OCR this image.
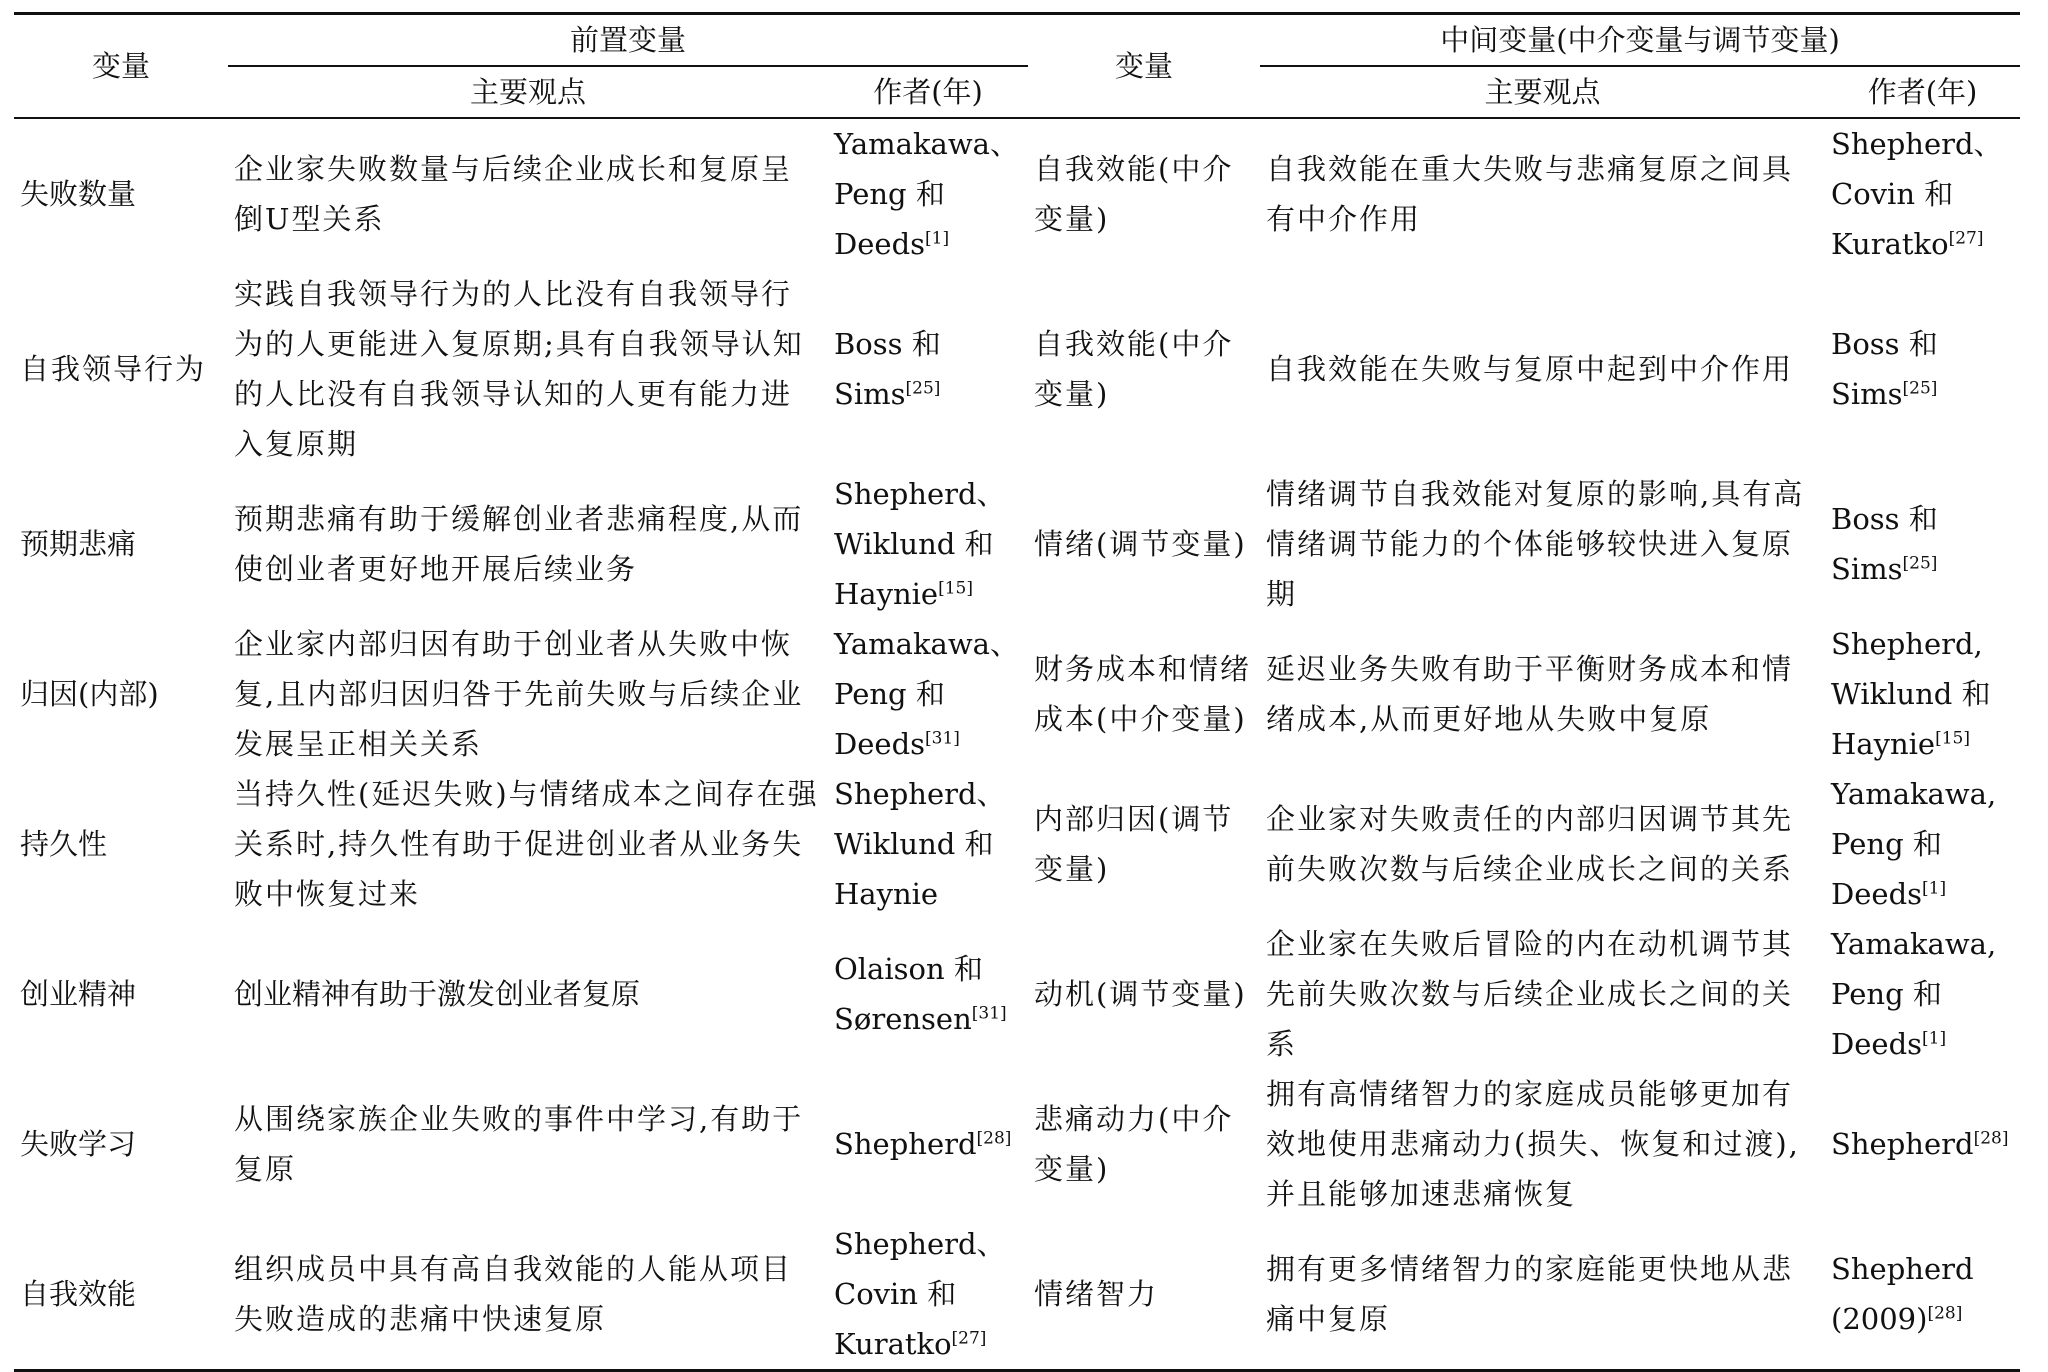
变量	前置变量		变量	中间变量(中介变量与调节变量)	
	主要观点	作者(年)		主要观点	作者(年)
失败数量	企业家失败数量与后续企业成长和复原呈倒U型关系	Yamakawa、Peng 和 Deeds[1]	自我效能(中介变量)	自我效能在重大失败与悲痛复原之间具有中介作用	Shepherd、Covin 和 Kuratko[27]
自我领导行为	实践自我领导行为的人比没有自我领导行为的人更能进入复原期;具有自我领导认知的人比没有自我领导认知的人更有能力进入复原期	Boss 和 Sims[25]	自我效能(中介变量)	自我效能在失败与复原中起到中介作用	Boss 和 Sims[25]
预期悲痛	预期悲痛有助于缓解创业者悲痛程度,从而使创业者更好地开展后续业务	Shepherd、Wiklund 和 Haynie[15]	情绪(调节变量)	情绪调节自我效能对复原的影响,具有高情绪调节能力的个体能够较快进入复原期	Boss 和 Sims[25]
归因(内部)	企业家内部归因有助于创业者从失败中恢复,且内部归因归咎于先前失败与后续企业发展呈正相关关系	Yamakawa、Peng 和 Deeds[31]	财务成本和情绪成本(中介变量)	延迟业务失败有助于平衡财务成本和情绪成本,从而更好地从失败中复原	Shepherd, Wiklund 和 Haynie[15]
持久性	当持久性(延迟失败)与情绪成本之间存在强关系时,持久性有助于促进创业者从业务失败中恢复过来	Shepherd、Wiklund 和 Haynie	内部归因(调节变量)	企业家对失败责任的内部归因调节其先前失败次数与后续企业成长之间的关系	Yamakawa, Peng 和 Deeds[1]
创业精神	创业精神有助于激发创业者复原	Olaison 和 Sørensen[31]	动机(调节变量)	企业家在失败后冒险的内在动机调节其先前失败次数与后续企业成长之间的关系	Yamakawa, Peng 和 Deeds[1]
失败学习	从围绕家族企业失败的事件中学习,有助于复原	Shepherd[28]	悲痛动力(中介变量)	拥有高情绪智力的家庭成员能够更加有效地使用悲痛动力(损失、恢复和过渡),并且能够加速悲痛恢复	Shepherd[28]
自我效能	组织成员中具有高自我效能的人能从项目失败造成的悲痛中快速复原	Shepherd、Covin 和 Kuratko[27]	情绪智力	拥有更多情绪智力的家庭能更快地从悲痛中复原	Shepherd (2009)[28]
